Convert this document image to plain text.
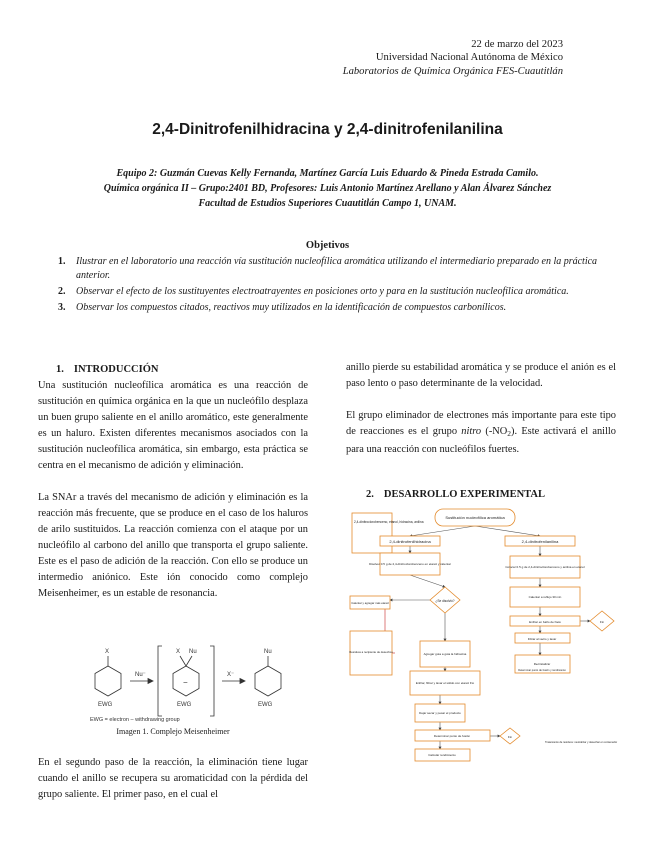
22 de marzo del 2023
Universidad Nacional Autónoma de México
Laboratorios de Química Orgánica FES-Cuautitlán
2,4-Dinitrofenilhidracina y 2,4-dinitrofenilanilina
Equipo 2: Guzmán Cuevas Kelly Fernanda, Martínez García Luis Eduardo & Pineda Estrada Camilo.
Química orgánica II – Grupo:2401 BD, Profesores: Luis Antonio Martínez Arellano y Alan Álvarez Sánchez
Facultad de Estudios Superiores Cuautitlán Campo 1, UNAM.
Objetivos
1.	Ilustrar en el laboratorio una reacción vía sustitución nucleofílica aromática utilizando el intermediario preparado en la práctica anterior.
2.	Observar el efecto de los sustituyentes electroatrayentes en posiciones orto y para en la sustitución nucleofílica aromática.
3.	Observar los compuestos citados, reactivos muy utilizados en la identificación de compuestos carbonílicos.
1. INTRODUCCIÓN

Una sustitución nucleofílica aromática es una reacción de sustitución en química orgánica en la que un nucleófilo desplaza un buen grupo saliente en el anillo aromático, este generalmente es un haluro. Existen diferentes mecanismos asociados con la sustitución nucleofílica aromática, sin embargo, esta práctica se centra en el mecanismo de adición y eliminación.

La SNAr a través del mecanismo de adición y eliminación es la reacción más frecuente, que se produce en el caso de los haluros de arilo sustituidos. La reacción comienza con el ataque por un nucleófilo al carbono del anillo que transporta el grupo saliente. Este es el paso de adición de la reacción. Con ello se produce un intermedio aniónico. Este ión conocido como complejo Meisenheimer, es un estable de resonancia.

X
Nu⁻
X Nu
X⁻
Nu
EWG	EWG	EWG
EWG = electron – withdrawing group
−
Imagen 1. Complejo Meisenheimer

En el segundo paso de la reacción, la eliminación tiene lugar cuando el anillo se recupera su aromaticidad con la pérdida del grupo saliente. El primer paso, en el cual el

anillo pierde su estabilidad aromática y se produce el anión es el paso lento o paso determinante de la velocidad.

El grupo eliminador de electrones más importante para este tipo de reacciones es el grupo nitro $(-NO_2)$. Este activará el anillo para una reacción con nucleófilos fuertes.

2. DESARROLLO EXPERIMENTAL
Sustitución nucleofílica aromática
2,4-dinitroclorobenceno, etanol, hidracina, anilina
2,4-dinitrofenilhidracina	2,4-dinitrofenilanilina
Disolver 0.5 g de 2,4-dinitroclorobenceno en etanol y calentar
¿Se disolvió?
Calentar y agregar más etanol
Residuos a recipiente de desechos	Agregar gota a gota la hidracina
Enfriar, filtrar y lavar el sólido con etanol frío
Dejar secar y pesar el producto
Determinar punto de fusión
Calcular rendimiento
Fin
Colocar 0.5 g de 2,4-dinitroclorobenceno y anilina en etanol
Calentar a reflujo 30 min
Enfriar en baño de hielo
Filtrar al vacío y lavar
Recristalizar
Fin
Determinar punto de fusión y rendimiento
Tratamiento de residuos: neutralizar y desechar en contenedor
